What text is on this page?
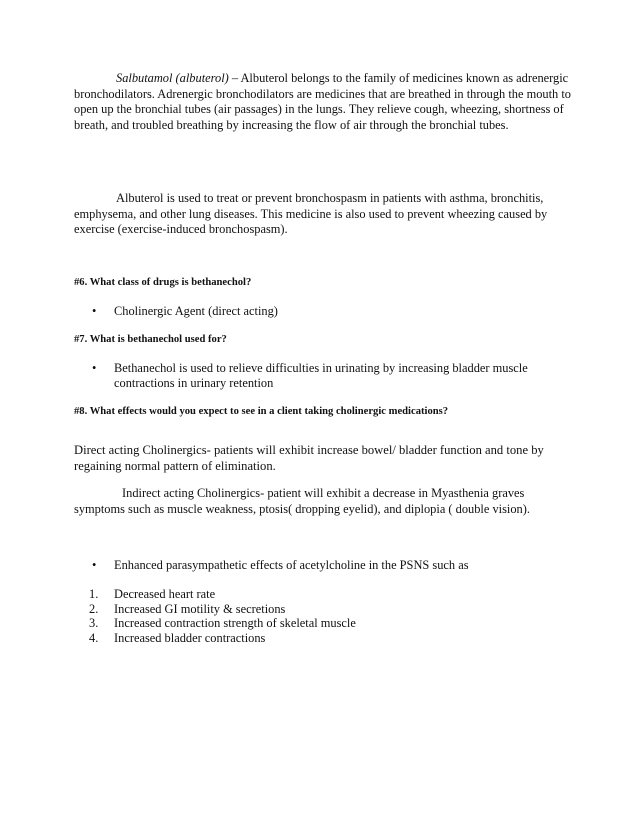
Salbutamol (albuterol) – Albuterol belongs to the family of medicines known as adrenergic bronchodilators. Adrenergic bronchodilators are medicines that are breathed in through the mouth to open up the bronchial tubes (air passages) in the lungs. They relieve cough, wheezing, shortness of breath, and troubled breathing by increasing the flow of air through the bronchial tubes.
Albuterol is used to treat or prevent bronchospasm in patients with asthma, bronchitis, emphysema, and other lung diseases. This medicine is also used to prevent wheezing caused by exercise (exercise-induced bronchospasm).
#6. What class of drugs is bethanechol?
• Cholinergic Agent (direct acting)
#7. What is bethanechol used for?
• Bethanechol is used to relieve difficulties in urinating by increasing bladder muscle contractions in urinary retention
#8. What effects would you expect to see in a client taking cholinergic medications?
Direct acting Cholinergics- patients will exhibit increase bowel/ bladder function and tone by regaining normal pattern of elimination.
Indirect acting Cholinergics- patient will exhibit a decrease in Myasthenia graves symptoms such as muscle weakness, ptosis( dropping eyelid), and diplopia ( double vision).
• Enhanced parasympathetic effects of acetylcholine in the PSNS such as
1. Decreased heart rate
2. Increased GI motility & secretions
3. Increased contraction strength of skeletal muscle
4. Increased bladder contractions
